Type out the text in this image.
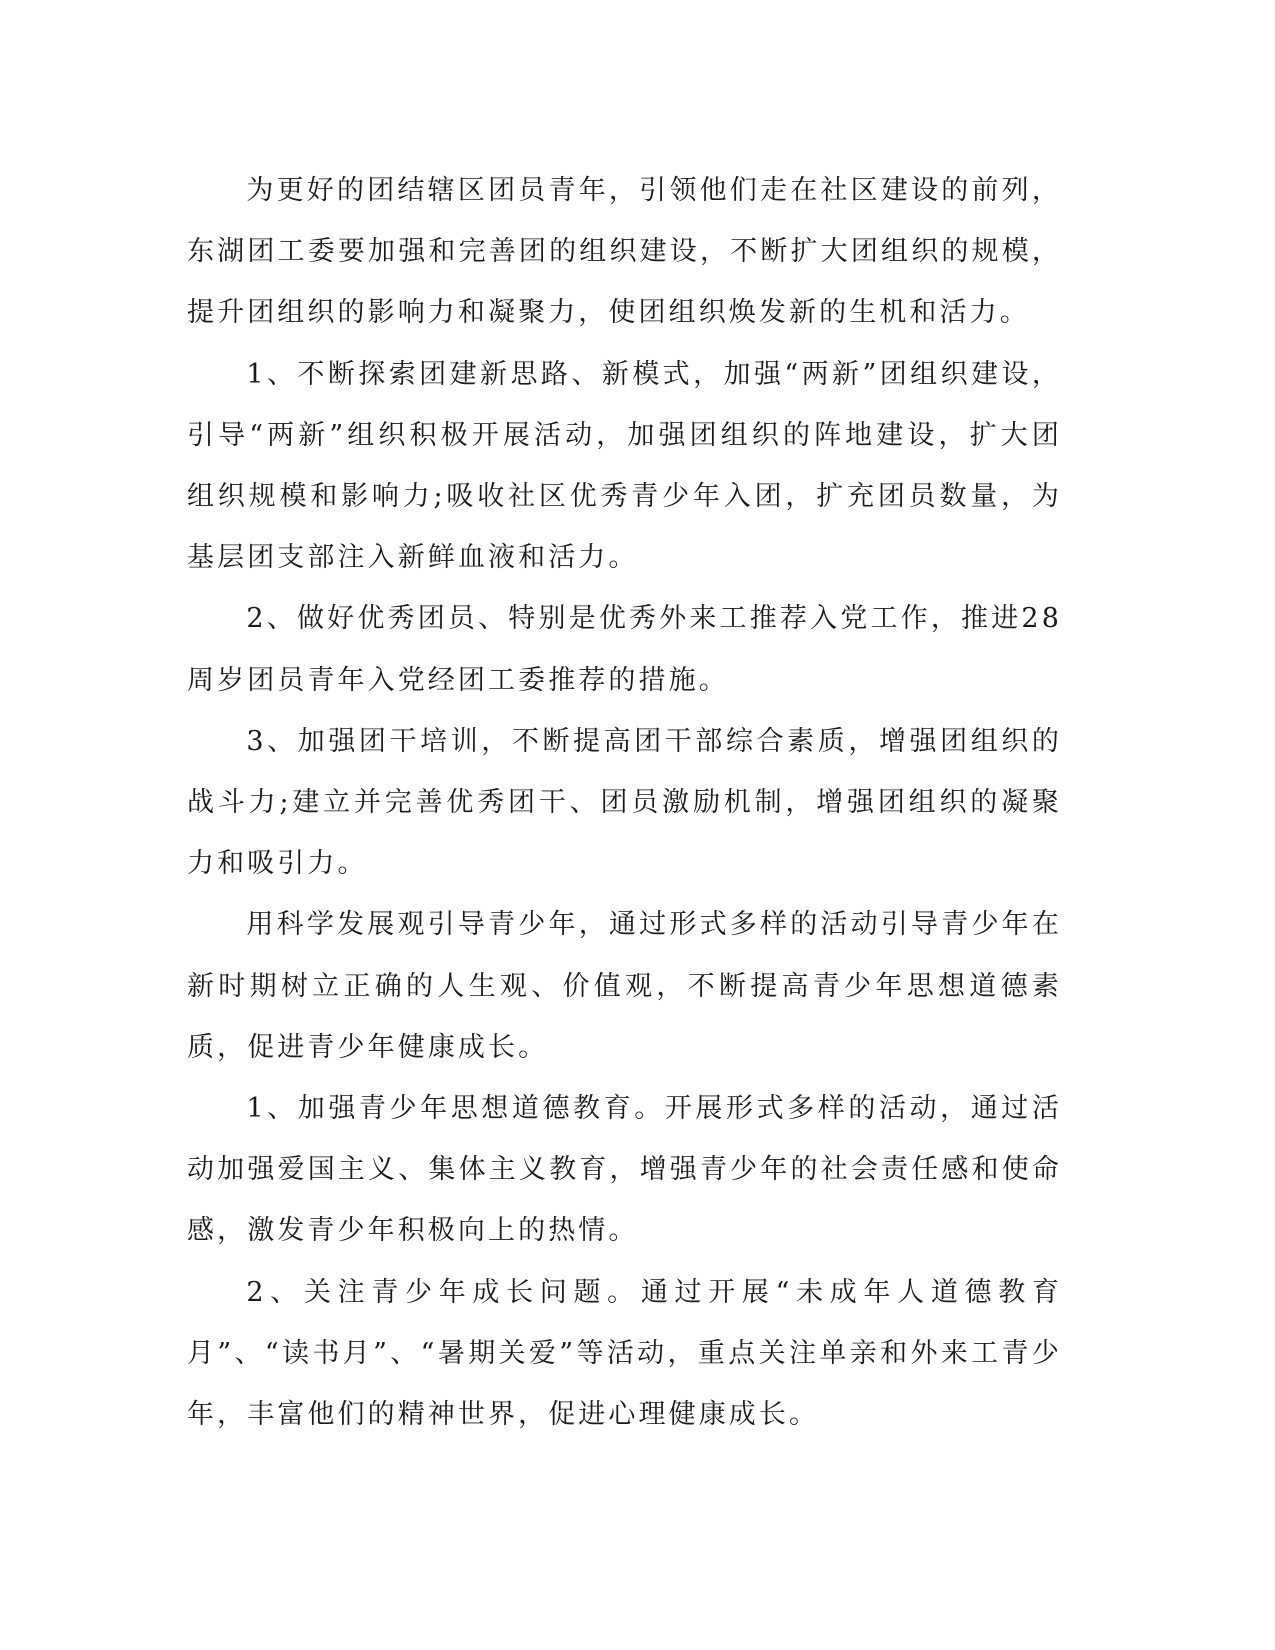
为更好的团结辖区团员青年，引领他们走在社区建设的前列，东湖团工委要加强和完善团的组织建设，不断扩大团组织的规模，提升团组织的影响力和凝聚力，使团组织焕发新的生机和活力。

1、不断探索团建新思路、新模式，加强“两新”团组织建设，引导“两新”组织积极开展活动，加强团组织的阵地建设，扩大团组织规模和影响力;吸收社区优秀青少年入团，扩充团员数量，为基层团支部注入新鲜血液和活力。

2、做好优秀团员、特别是优秀外来工推荐入党工作，推进28周岁团员青年入党经团工委推荐的措施。

3、加强团干培训，不断提高团干部综合素质，增强团组织的战斗力;建立并完善优秀团干、团员激励机制，增强团组织的凝聚力和吸引力。

用科学发展观引导青少年，通过形式多样的活动引导青少年在新时期树立正确的人生观、价值观，不断提高青少年思想道德素质，促进青少年健康成长。

1、加强青少年思想道德教育。开展形式多样的活动，通过活动加强爱国主义、集体主义教育，增强青少年的社会责任感和使命感，激发青少年积极向上的热情。

2、关注青少年成长问题。通过开展“未成年人道德教育月”、“读书月”、“暑期关爱”等活动，重点关注单亲和外来工青少年，丰富他们的精神世界，促进心理健康成长。
